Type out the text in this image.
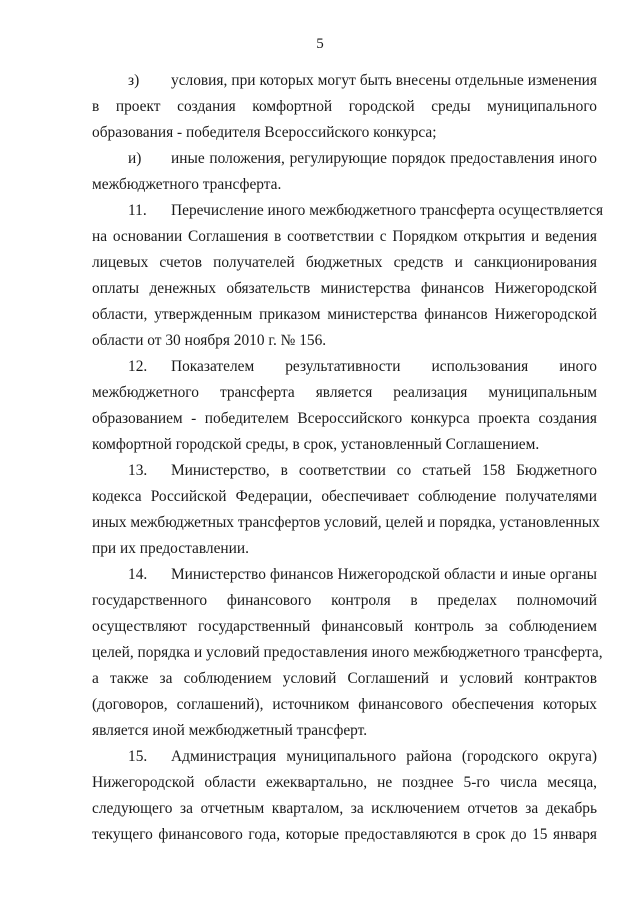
5
з) условия, при которых могут быть внесены отдельные изменения
в проект создания комфортной городской среды муниципального
образования - победителя Всероссийского конкурса;
и) иные положения, регулирующие порядок предоставления иного
межбюджетного трансферта.
11. Перечисление иного межбюджетного трансферта осуществляется
на основании Соглашения в соответствии с Порядком открытия и ведения
лицевых счетов получателей бюджетных средств и санкционирования
оплаты денежных обязательств министерства финансов Нижегородской
области, утвержденным приказом министерства финансов Нижегородской
области от 30 ноября 2010 г. № 156.
12. Показателем результативности использования иного
межбюджетного трансферта является реализация муниципальным
образованием - победителем Всероссийского конкурса проекта создания
комфортной городской среды, в срок, установленный Соглашением.
13. Министерство, в соответствии со статьей 158 Бюджетного
кодекса Российской Федерации, обеспечивает соблюдение получателями
иных межбюджетных трансфертов условий, целей и порядка, установленных
при их предоставлении.
14. Министерство финансов Нижегородской области и иные органы
государственного финансового контроля в пределах полномочий
осуществляют государственный финансовый контроль за соблюдением
целей, порядка и условий предоставления иного межбюджетного трансферта,
а также за соблюдением условий Соглашений и условий контрактов
(договоров, соглашений), источником финансового обеспечения которых
является иной межбюджетный трансферт.
15. Администрация муниципального района (городского округа)
Нижегородской области ежеквартально, не позднее 5-го числа месяца,
следующего за отчетным кварталом, за исключением отчетов за декабрь
текущего финансового года, которые предоставляются в срок до 15 января
